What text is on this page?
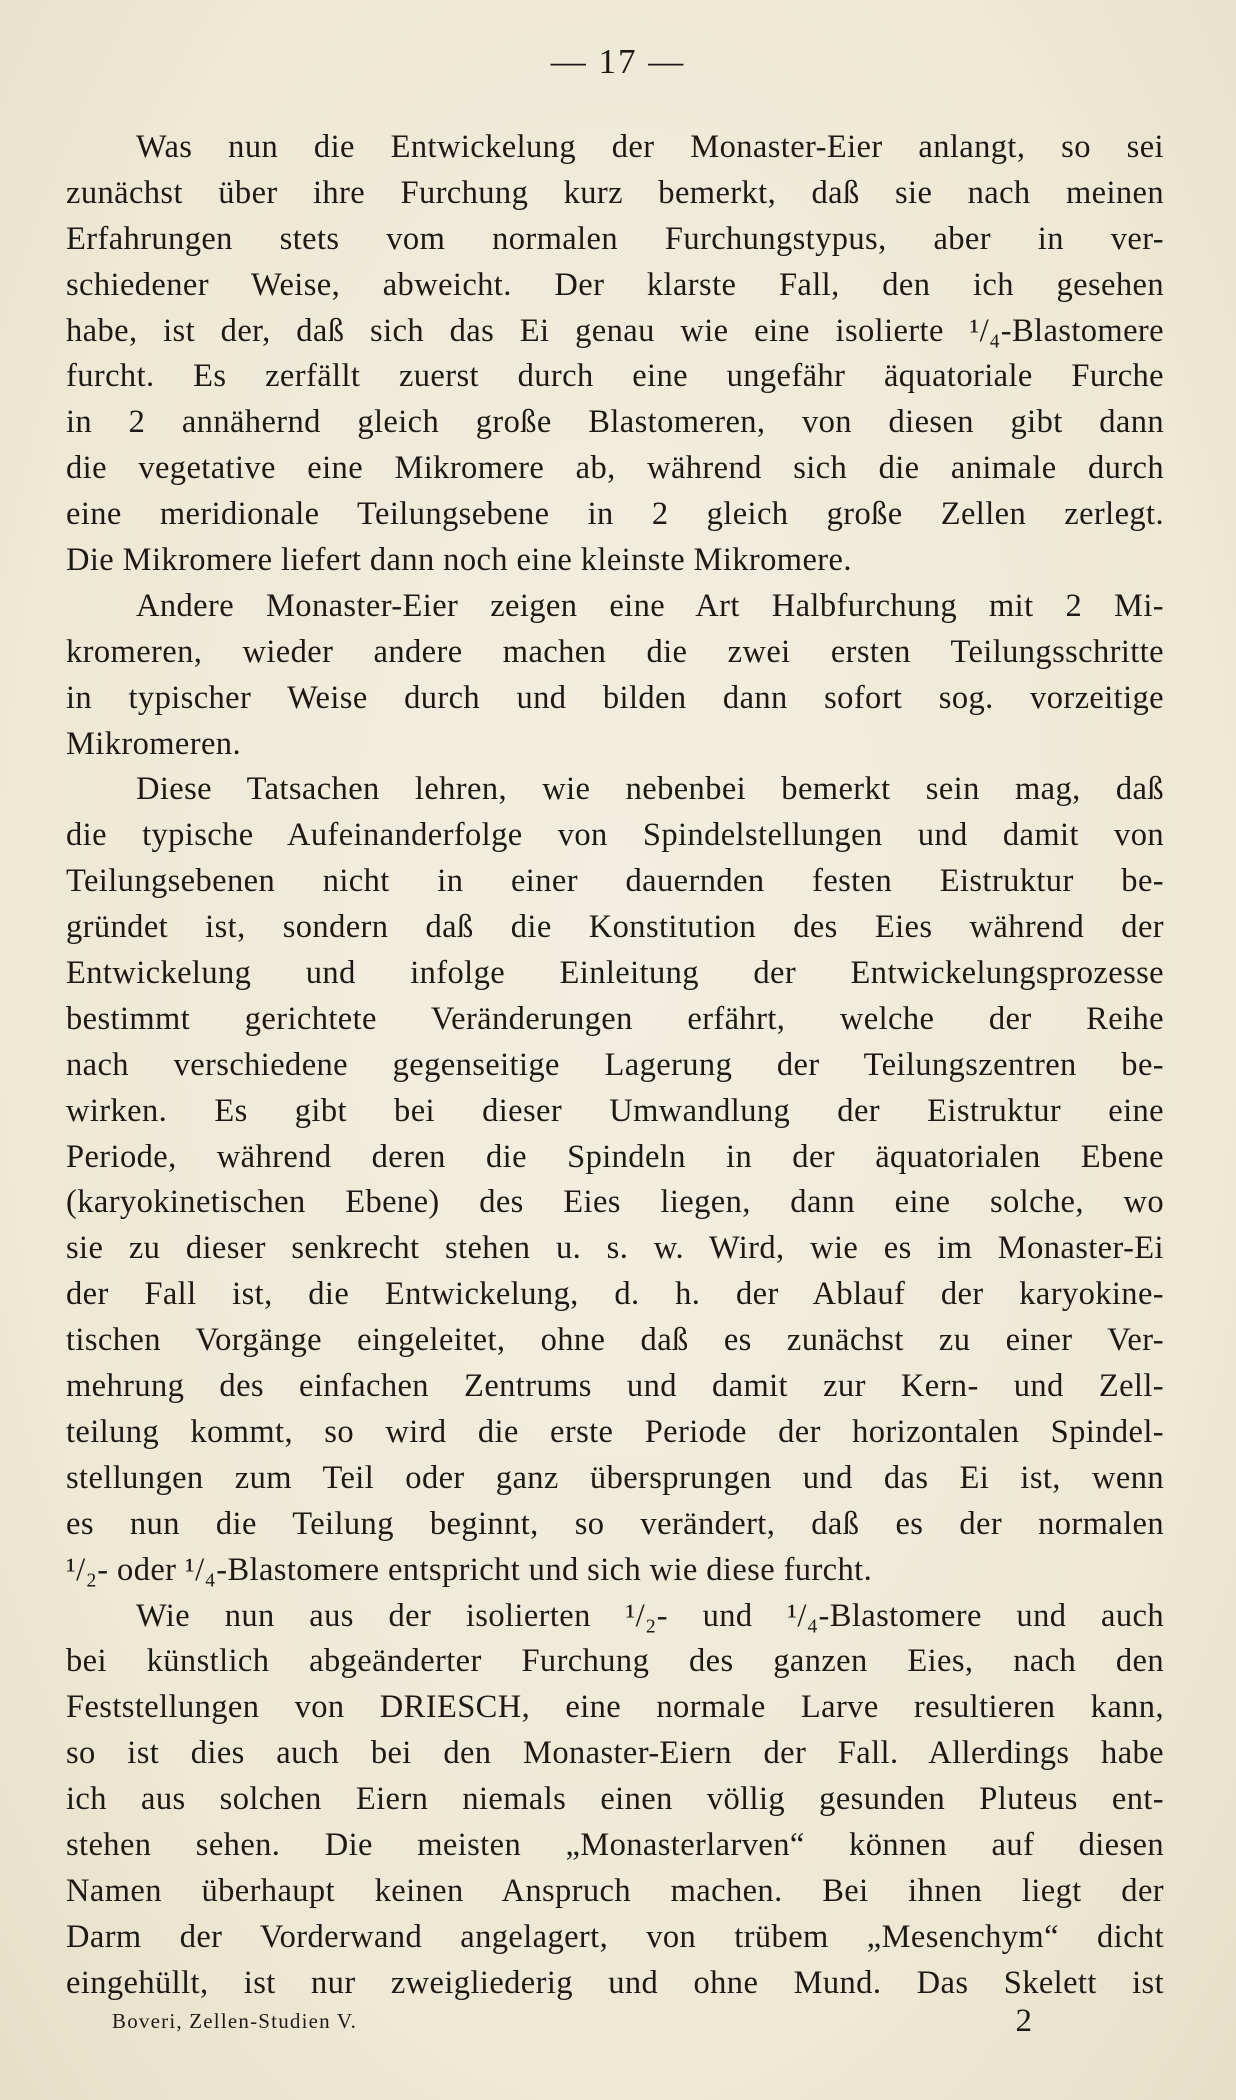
— 17 —
Was nun die Entwickelung der Monaster-Eier anlangt, so sei
zunächst über ihre Furchung kurz bemerkt, daß sie nach meinen
Erfahrungen stets vom normalen Furchungstypus, aber in ver-
schiedener Weise, abweicht. Der klarste Fall, den ich gesehen
habe, ist der, daß sich das Ei genau wie eine isolierte ¹/₄-Blastomere
furcht. Es zerfällt zuerst durch eine ungefähr äquatoriale Furche
in 2 annähernd gleich große Blastomeren, von diesen gibt dann
die vegetative eine Mikromere ab, während sich die animale durch
eine meridionale Teilungsebene in 2 gleich große Zellen zerlegt.
Die Mikromere liefert dann noch eine kleinste Mikromere.
Andere Monaster-Eier zeigen eine Art Halbfurchung mit 2 Mi-
kromeren, wieder andere machen die zwei ersten Teilungsschritte
in typischer Weise durch und bilden dann sofort sog. vorzeitige
Mikromeren.
Diese Tatsachen lehren, wie nebenbei bemerkt sein mag, daß
die typische Aufeinanderfolge von Spindelstellungen und damit von
Teilungsebenen nicht in einer dauernden festen Eistruktur be-
gründet ist, sondern daß die Konstitution des Eies während der
Entwickelung und infolge Einleitung der Entwickelungsprozesse
bestimmt gerichtete Veränderungen erfährt, welche der Reihe
nach verschiedene gegenseitige Lagerung der Teilungszentren be-
wirken. Es gibt bei dieser Umwandlung der Eistruktur eine
Periode, während deren die Spindeln in der äquatorialen Ebene
(karyokinetischen Ebene) des Eies liegen, dann eine solche, wo
sie zu dieser senkrecht stehen u. s. w. Wird, wie es im Monaster-Ei
der Fall ist, die Entwickelung, d. h. der Ablauf der karyokine-
tischen Vorgänge eingeleitet, ohne daß es zunächst zu einer Ver-
mehrung des einfachen Zentrums und damit zur Kern- und Zell-
teilung kommt, so wird die erste Periode der horizontalen Spindel-
stellungen zum Teil oder ganz übersprungen und das Ei ist, wenn
es nun die Teilung beginnt, so verändert, daß es der normalen
¹/₂- oder ¹/₄-Blastomere entspricht und sich wie diese furcht.
Wie nun aus der isolierten ¹/₂- und ¹/₄-Blastomere und auch
bei künstlich abgeänderter Furchung des ganzen Eies, nach den
Feststellungen von DRIESCH, eine normale Larve resultieren kann,
so ist dies auch bei den Monaster-Eiern der Fall. Allerdings habe
ich aus solchen Eiern niemals einen völlig gesunden Pluteus ent-
stehen sehen. Die meisten „Monasterlarven“ können auf diesen
Namen überhaupt keinen Anspruch machen. Bei ihnen liegt der
Darm der Vorderwand angelagert, von trübem „Mesenchym“ dicht
eingehüllt, ist nur zweigliederig und ohne Mund. Das Skelett ist
Boveri, Zellen-Studien V.	2
